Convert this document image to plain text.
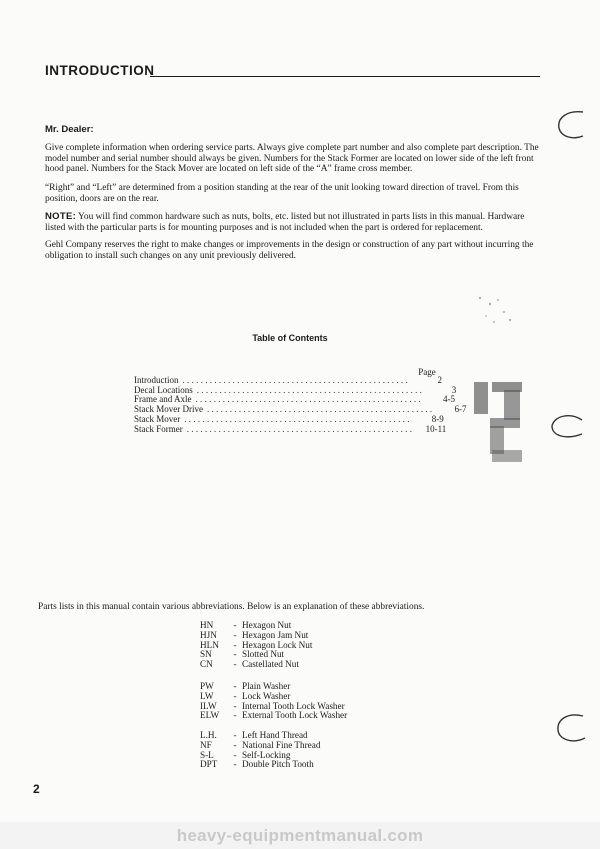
INTRODUCTION
Mr. Dealer:
Give complete information when ordering service parts. Always give complete part number and also complete part description. The model number and serial number should always be given. Numbers for the Stack Former are located on lower side of the left front hood panel. Numbers for the Stack Mover are located on left side of the “A” frame cross member.
“Right” and “Left” are determined from a position standing at the rear of the unit looking toward direction of travel. From this position, doors are on the rear.
NOTE: You will find common hardware such as nuts, bolts, etc. listed but not illustrated in parts lists in this manual. Hardware listed with the particular parts is for mounting purposes and is not included when the part is ordered for replacement.
Gehl Company reserves the right to make changes or improvements in the design or construction of any part without incurring the obligation to install such changes on any unit previously delivered.
Table of Contents
Page
Introduction ..................................................	2
Decal Locations ..................................................	3
Frame and Axle ..................................................	4-5
Stack Mover Drive ..................................................	6-7
Stack Mover ..................................................	8-9
Stack Former ..................................................	10-11
Parts lists in this manual contain various abbreviations. Below is an explanation of these abbreviations.
HN	- Hexagon Nut
HJN	- Hexagon Jam Nut
HLN	- Hexagon Lock Nut
SN	- Slotted Nut
CN	- Castellated Nut
PW	- Plain Washer
LW	- Lock Washer
ILW	- Internal Tooth Lock Washer
ELW	- External Tooth Lock Washer
L.H.	- Left Hand Thread
NF	- National Fine Thread
S-L	- Self-Locking
DPT	- Double Pitch Tooth
2
heavy-equipmentmanual.com
